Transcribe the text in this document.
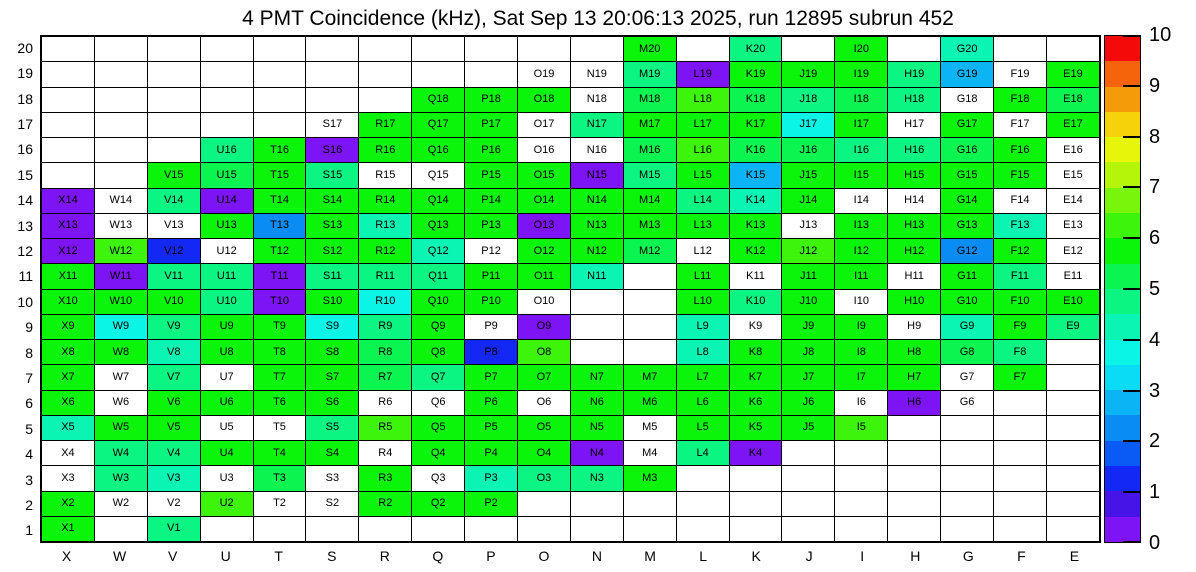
4 PMT Coincidence (kHz), Sat Sep 13 20:06:13 2025, run 12895 subrun 452
20
19
18
17
16
15
14
13
12
11
10
9
8
7
6
5
4
3
2
1
											M20		K20		I20		G20		
									O19	N19	M19	L19	K19	J19	I19	H19	G19	F19	E19
							Q18	P18	O18	N18	M18	L18	K18	J18	I18	H18	G18	F18	E18
					S17	R17	Q17	P17	O17	N17	M17	L17	K17	J17	I17	H17	G17	F17	E17
			U16	T16	S16	R16	Q16	P16	O16	N16	M16	L16	K16	J16	I16	H16	G16	F16	E16
		V15	U15	T15	S15	R15	Q15	P15	O15	N15	M15	L15	K15	J15	I15	H15	G15	F15	E15
X14	W14	V14	U14	T14	S14	R14	Q14	P14	O14	N14	M14	L14	K14	J14	I14	H14	G14	F14	E14
X13	W13	V13	U13	T13	S13	R13	Q13	P13	O13	N13	M13	L13	K13	J13	I13	H13	G13	F13	E13
X12	W12	V12	U12	T12	S12	R12	Q12	P12	O12	N12	M12	L12	K12	J12	I12	H12	G12	F12	E12
X11	W11	V11	U11	T11	S11	R11	Q11	P11	O11	N11		L11	K11	J11	I11	H11	G11	F11	E11
X10	W10	V10	U10	T10	S10	R10	Q10	P10	O10			L10	K10	J10	I10	H10	G10	F10	E10
X9	W9	V9	U9	T9	S9	R9	Q9	P9	O9			L9	K9	J9	I9	H9	G9	F9	E9
X8	W8	V8	U8	T8	S8	R8	Q8	P8	O8			L8	K8	J8	I8	H8	G8	F8	
X7	W7	V7	U7	T7	S7	R7	Q7	P7	O7	N7	M7	L7	K7	J7	I7	H7	G7	F7	
X6	W6	V6	U6	T6	S6	R6	Q6	P6	O6	N6	M6	L6	K6	J6	I6	H6	G6		
X5	W5	V5	U5	T5	S5	R5	Q5	P5	O5	N5	M5	L5	K5	J5	I5				
X4	W4	V4	U4	T4	S4	R4	Q4	P4	O4	N4	M4	L4	K4						
X3	W3	V3	U3	T3	S3	R3	Q3	P3	O3	N3	M3								
X2	W2	V2	U2	T2	S2	R2	Q2	P2											
X1		V1																	
X	W	V	U	T	S	R	Q	P	O	N	M	L	K	J	I	H	G	F	E
0
1
2
3
4
5
6
7
8
9
10
